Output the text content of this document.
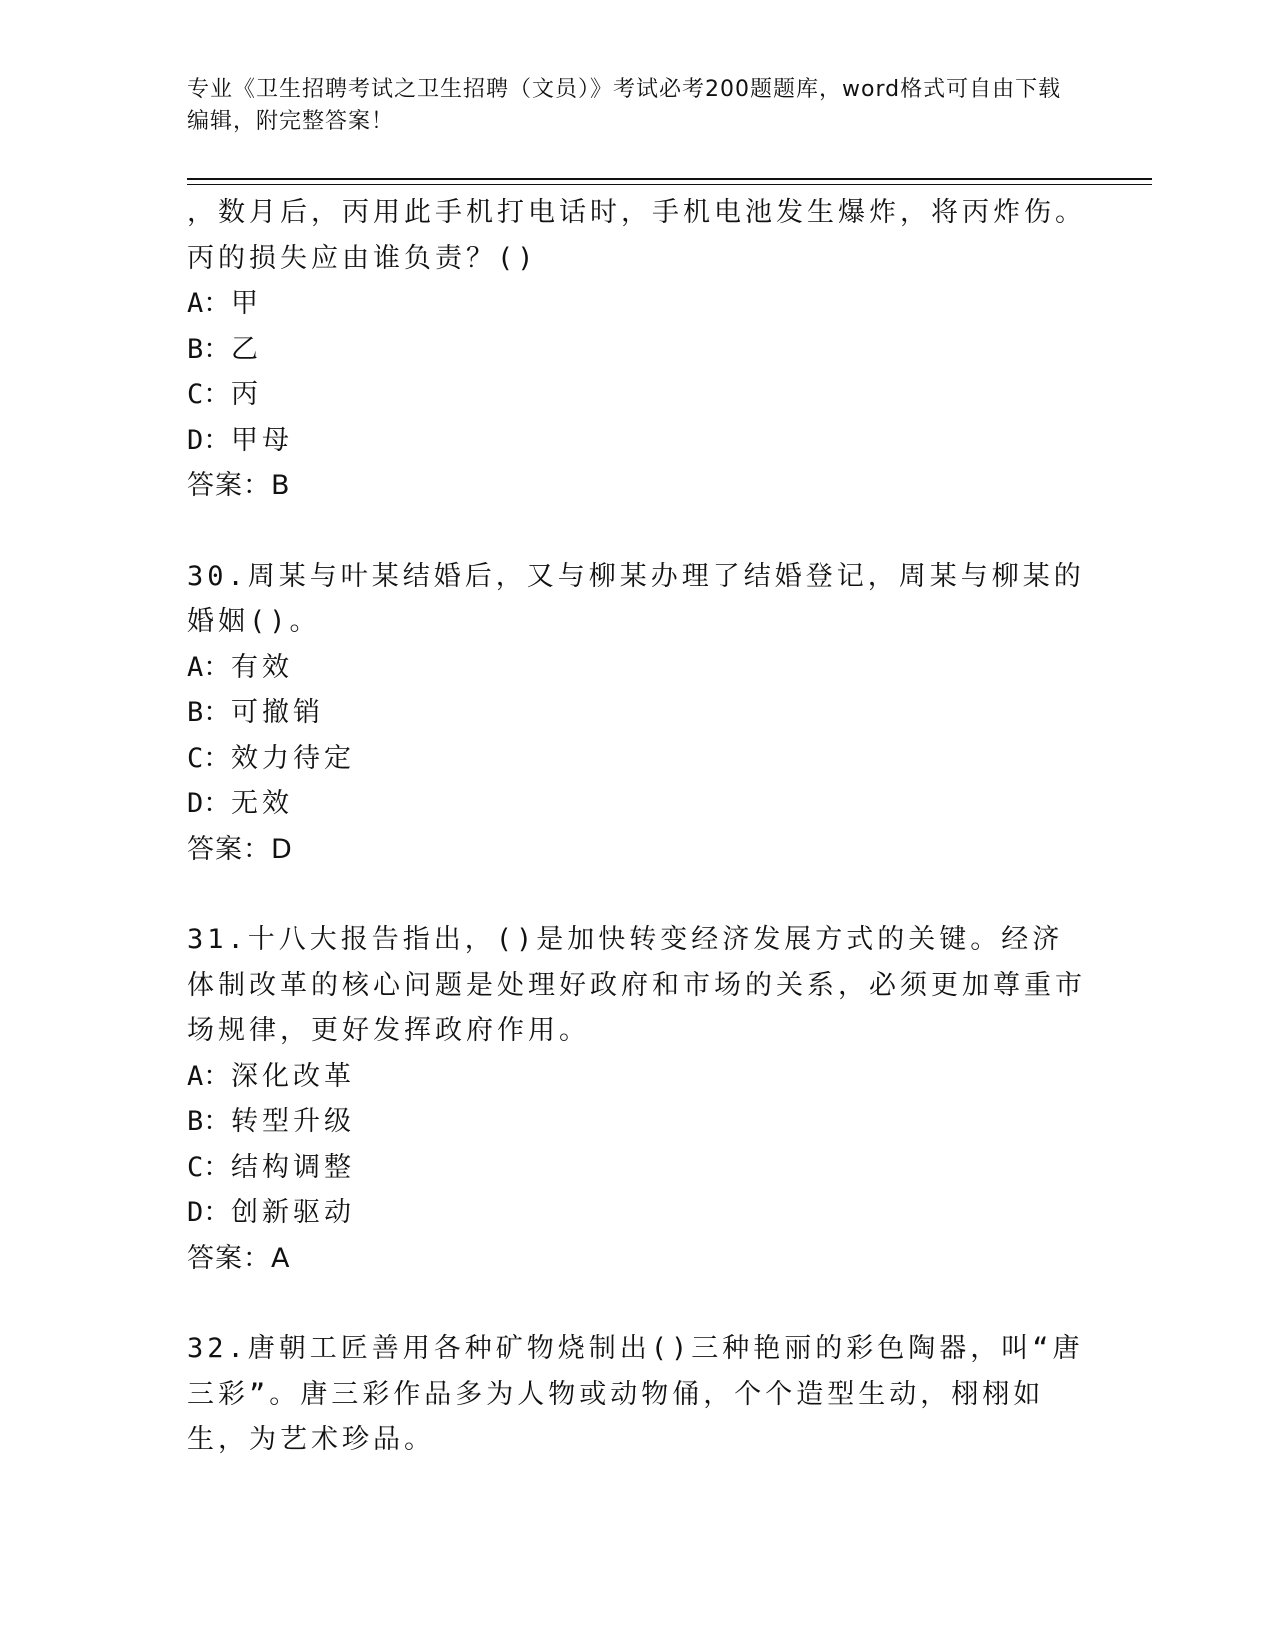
专业《卫生招聘考试之卫生招聘（文员）》考试必考200题题库，word格式可自由下载编辑，附完整答案！
，数月后，丙用此手机打电话时，手机电池发生爆炸，将丙炸伤。丙的损失应由谁负责？()
A：甲
B：乙
C：丙
D：甲母
答案：B
30.周某与叶某结婚后，又与柳某办理了结婚登记，周某与柳某的婚姻()。
A：有效
B：可撤销
C：效力待定
D：无效
答案：D
31.十八大报告指出，()是加快转变经济发展方式的关键。经济体制改革的核心问题是处理好政府和市场的关系，必须更加尊重市场规律，更好发挥政府作用。
A：深化改革
B：转型升级
C：结构调整
D：创新驱动
答案：A
32.唐朝工匠善用各种矿物烧制出()三种艳丽的彩色陶器，叫“唐三彩”。唐三彩作品多为人物或动物俑，个个造型生动，栩栩如生，为艺术珍品。
